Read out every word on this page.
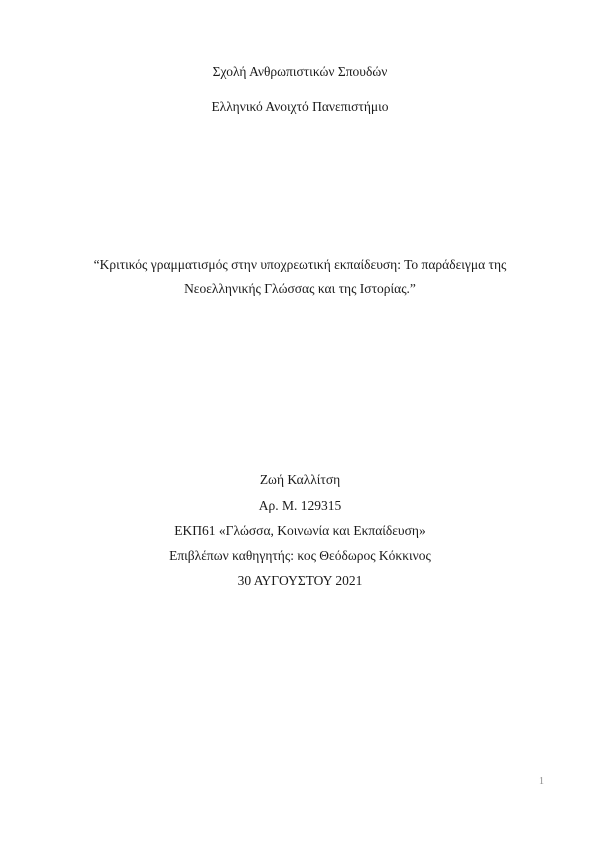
Σχολή Ανθρωπιστικών Σπουδών
Ελληνικό Ανοιχτό Πανεπιστήμιο
“Κριτικός γραμματισμός στην υποχρεωτική εκπαίδευση: Το παράδειγμα της
Νεοελληνικής Γλώσσας και της Ιστορίας.”
Ζωή Καλλίτση
Αρ. Μ. 129315
ΕΚΠ61 «Γλώσσα, Κοινωνία και Εκπαίδευση»
Επιβλέπων καθηγητής: κος Θεόδωρος Κόκκινος
30 ΑΥΓΟΥΣΤΟΥ 2021
1
